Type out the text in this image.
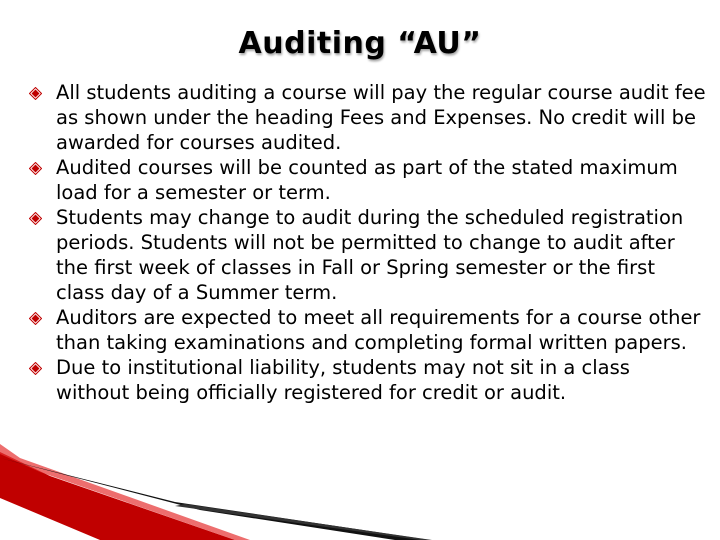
Auditing “AU”
All students auditing a course will pay the regular course audit fee as shown under the heading Fees and Expenses. No credit will be awarded for courses audited.
Audited courses will be counted as part of the stated maximum load for a semester or term.
Students may change to audit during the scheduled registration periods. Students will not be permitted to change to audit after the first week of classes in Fall or Spring semester or the first class day of a Summer term.
Auditors are expected to meet all requirements for a course other than taking examinations and completing formal written papers.
Due to institutional liability, students may not sit in a class without being officially registered for credit or audit.
